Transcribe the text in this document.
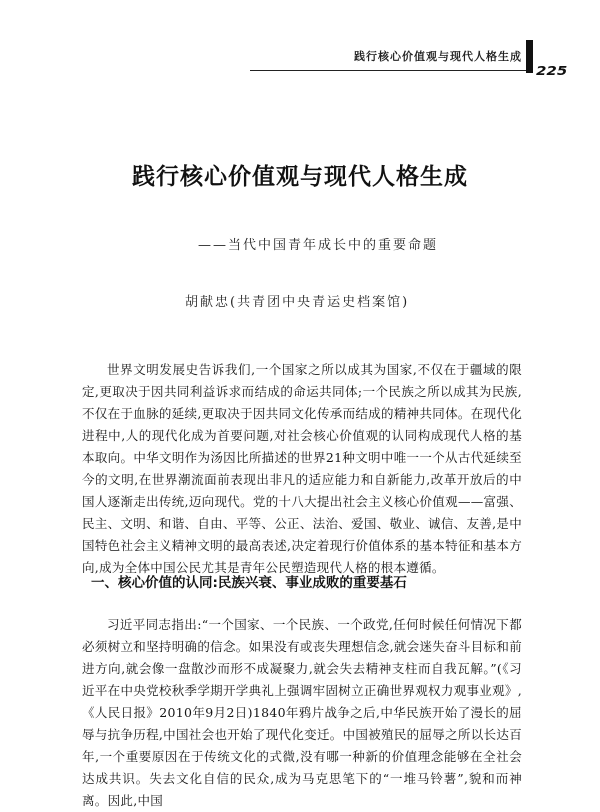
践行核心价值观与现代人格生成
225
践行核心价值观与现代人格生成
——当代中国青年成长中的重要命题
胡献忠(共青团中央青运史档案馆)

世界文明发展史告诉我们,一个国家之所以成其为国家,不仅在于疆域的限定,更取决于因共同利益诉求而结成的命运共同体;一个民族之所以成其为民族,不仅在于血脉的延续,更取决于因共同文化传承而结成的精神共同体。在现代化进程中,人的现代化成为首要问题,对社会核心价值观的认同构成现代人格的基本取向。中华文明作为汤因比所描述的世界21种文明中唯一一个从古代延续至今的文明,在世界潮流面前表现出非凡的适应能力和自新能力,改革开放后的中国人逐渐走出传统,迈向现代。党的十八大提出社会主义核心价值观——富强、民主、文明、和谐、自由、平等、公正、法治、爱国、敬业、诚信、友善,是中国特色社会主义精神文明的最高表述,决定着现行价值体系的基本特征和基本方向,成为全体中国公民尤其是青年公民塑造现代人格的根本遵循。

一、核心价值的认同:民族兴衰、事业成败的重要基石

习近平同志指出:“一个国家、一个民族、一个政党,任何时候任何情况下都必须树立和坚持明确的信念。如果没有或丧失理想信念,就会迷失奋斗目标和前进方向,就会像一盘散沙而形不成凝聚力,就会失去精神支柱而自我瓦解。”(《习近平在中央党校秋季学期开学典礼上强调牢固树立正确世界观权力观事业观》,《人民日报》2010年9月2日)1840年鸦片战争之后,中华民族开始了漫长的屈辱与抗争历程,中国社会也开始了现代化变迁。中国被殖民的屈辱之所以长达百年,一个重要原因在于传统文化的式微,没有哪一种新的价值理念能够在全社会达成共识。失去文化自信的民众,成为马克思笔下的“一堆马铃薯”,貌和而神离。因此,中国
